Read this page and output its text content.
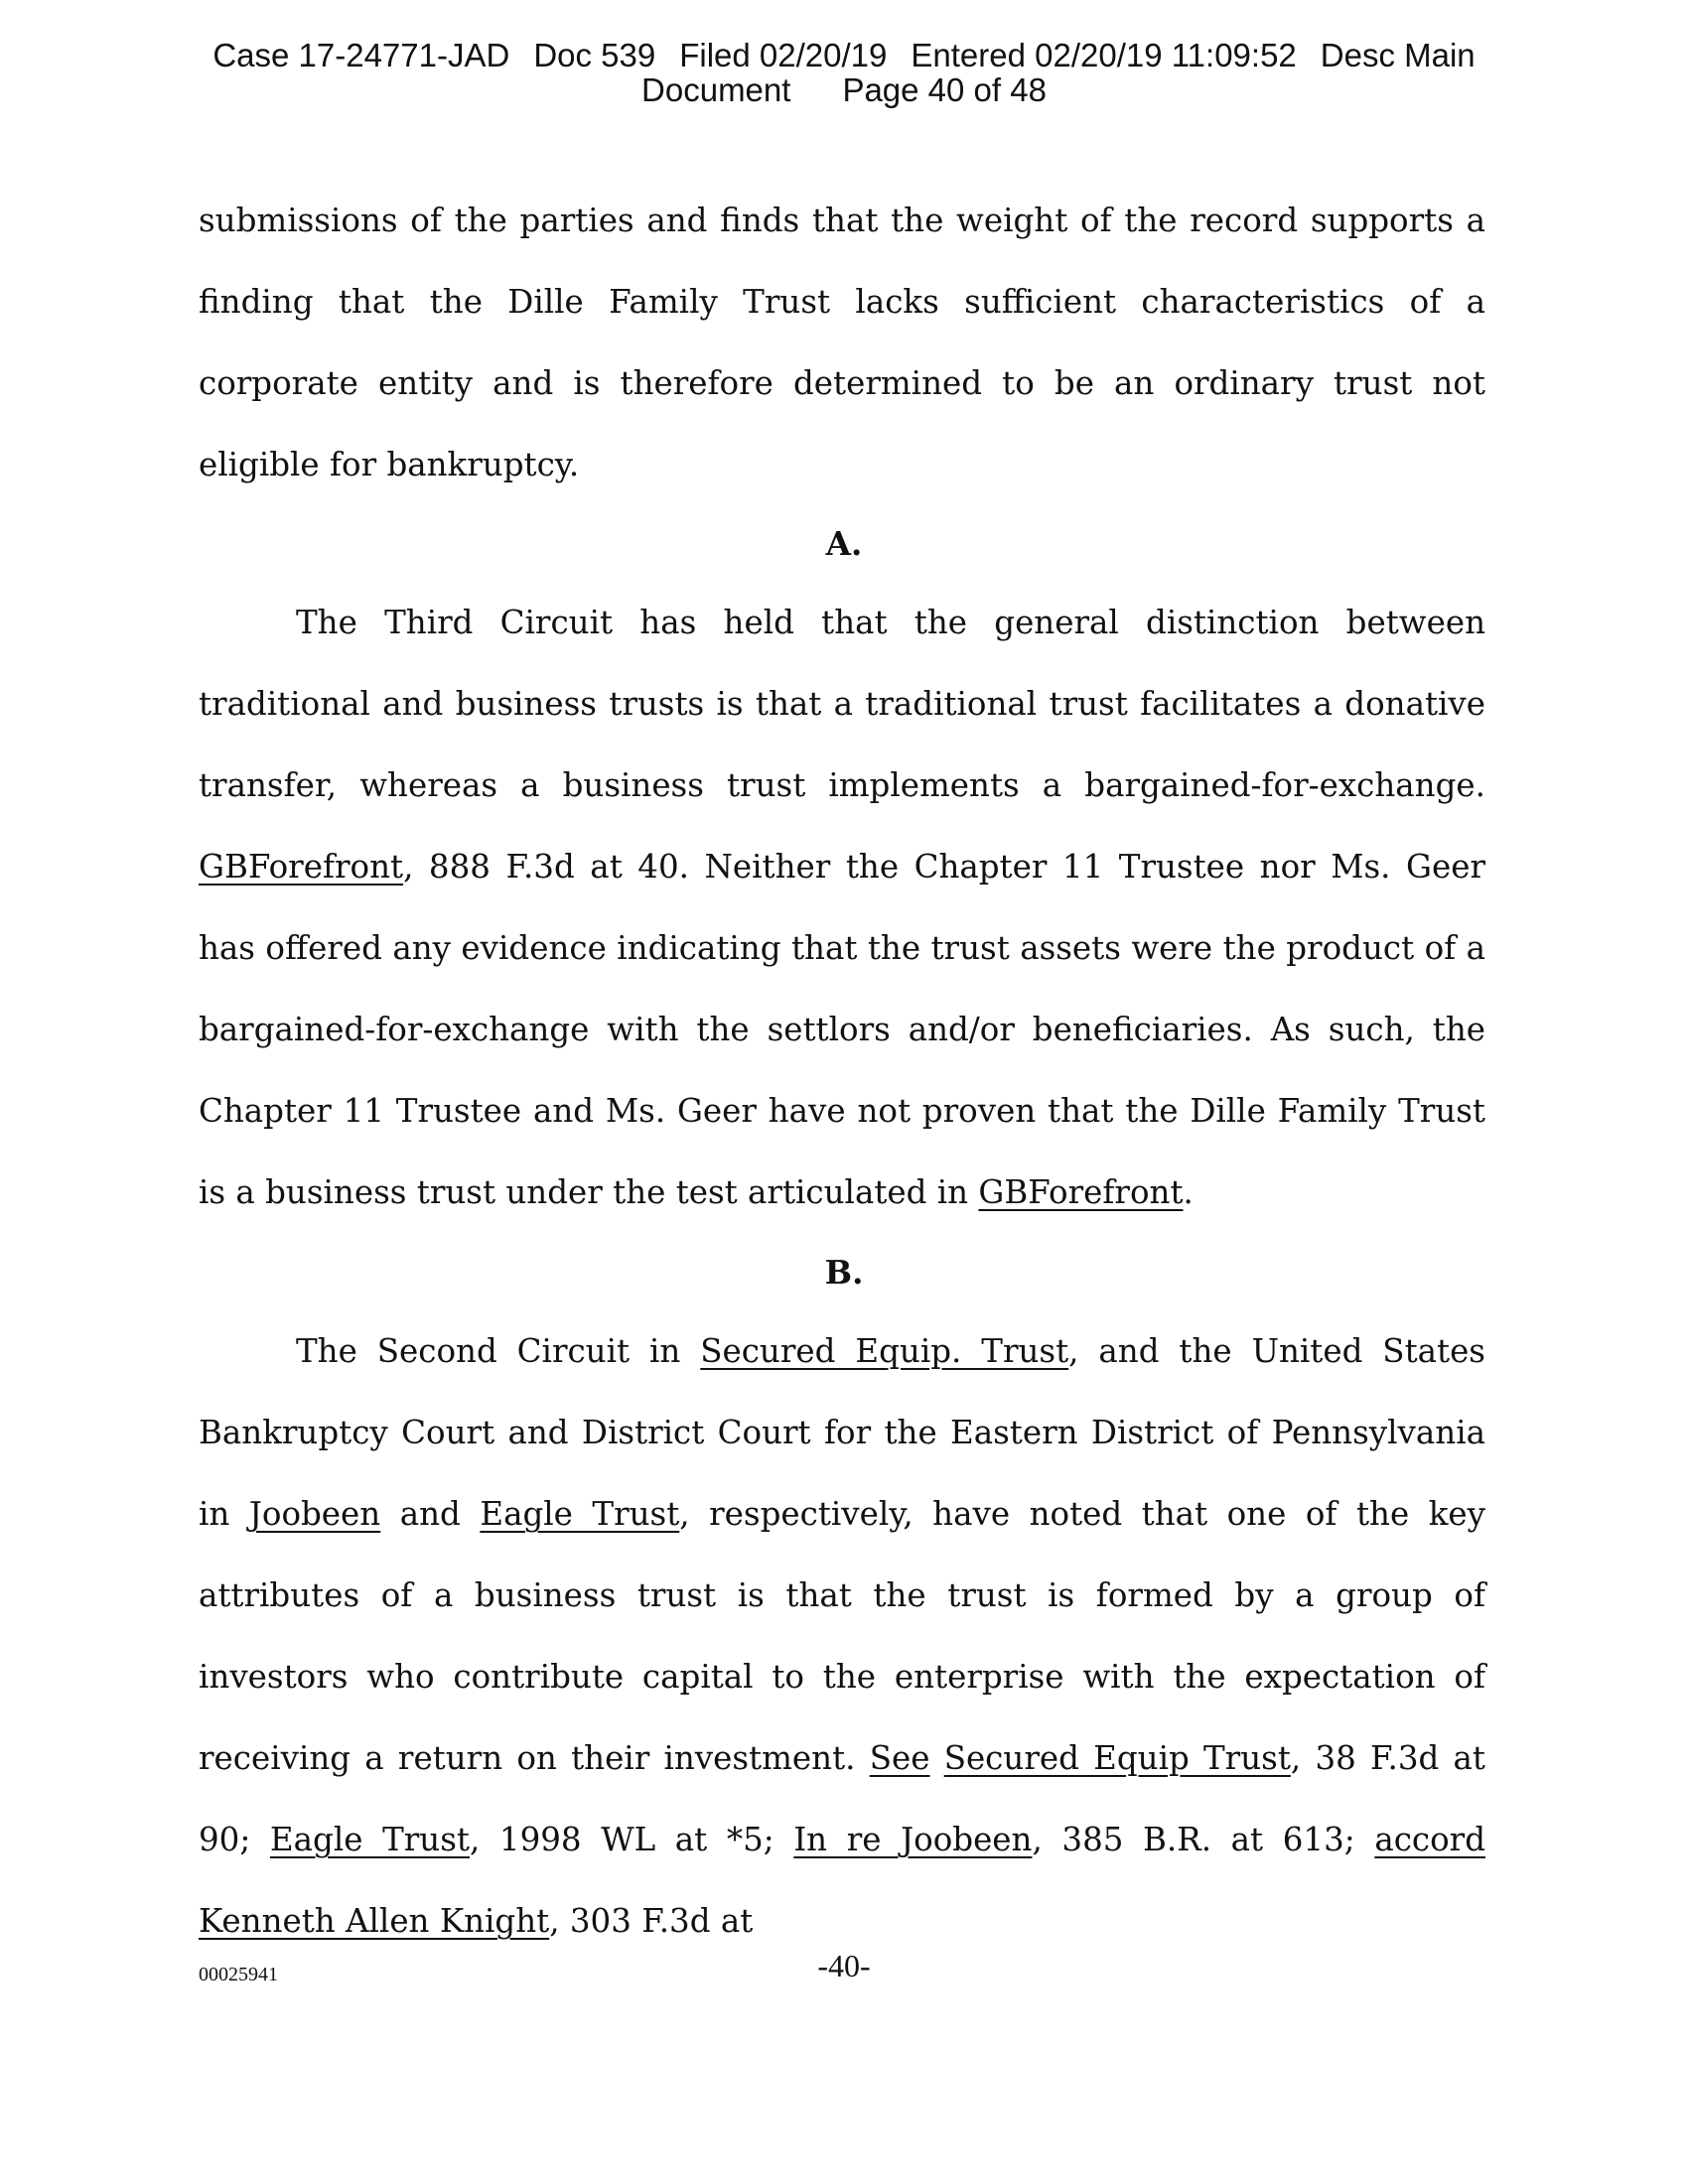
Case 17-24771-JAD Doc 539 Filed 02/20/19 Entered 02/20/19 11:09:52 Desc Main
Document Page 40 of 48
submissions of the parties and finds that the weight of the record supports a finding that the Dille Family Trust lacks sufficient characteristics of a corporate entity and is therefore determined to be an ordinary trust not eligible for bankruptcy.
A.
The Third Circuit has held that the general distinction between traditional and business trusts is that a traditional trust facilitates a donative transfer, whereas a business trust implements a bargained-for-exchange. GBForefront, 888 F.3d at 40. Neither the Chapter 11 Trustee nor Ms. Geer has offered any evidence indicating that the trust assets were the product of a bargained-for-exchange with the settlors and/or beneficiaries. As such, the Chapter 11 Trustee and Ms. Geer have not proven that the Dille Family Trust is a business trust under the test articulated in GBForefront.
B.
The Second Circuit in Secured Equip. Trust, and the United States Bankruptcy Court and District Court for the Eastern District of Pennsylvania in Joobeen and Eagle Trust, respectively, have noted that one of the key attributes of a business trust is that the trust is formed by a group of investors who contribute capital to the enterprise with the expectation of receiving a return on their investment. See Secured Equip Trust, 38 F.3d at 90; Eagle Trust, 1998 WL at *5; In re Joobeen, 385 B.R. at 613; accord Kenneth Allen Knight, 303 F.3d at
00025941	-40-
